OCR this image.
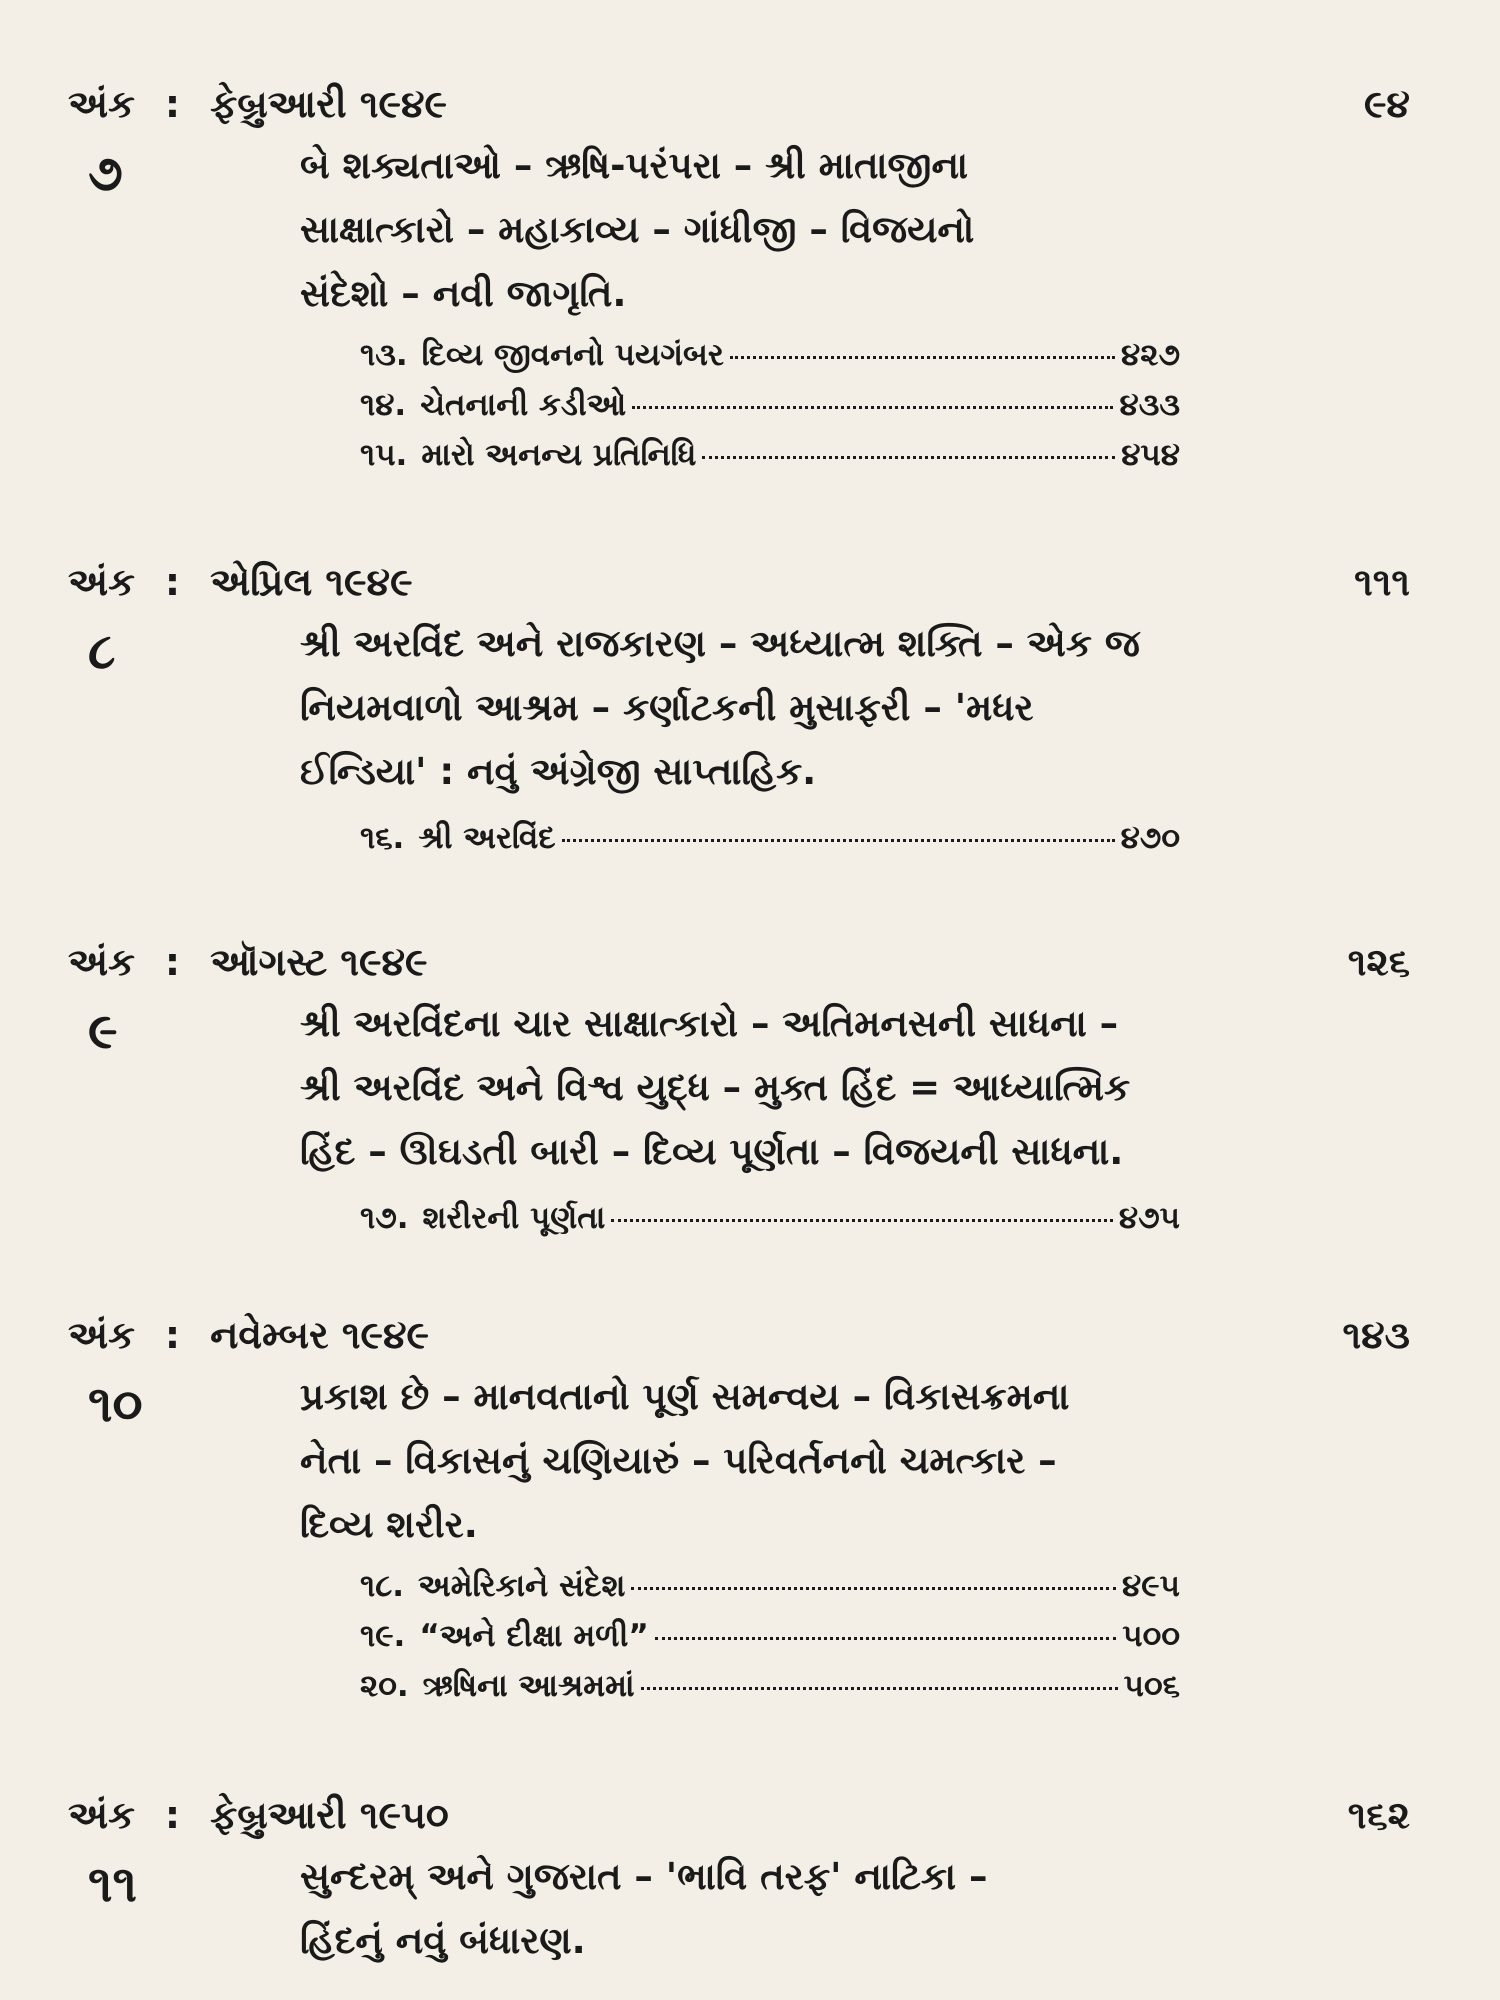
અંક : ફેબ્રુઆરી ૧૯૪૯	૯૪
૭	બે શક્યતાઓ – ઋષિ-પરંપરા – શ્રી માતાજીના
સાક્ષાત્કારો – મહાકાવ્ય – ગાંધીજી – વિજયનો
સંદેશો – નવી જાગૃતિ.
૧૩. દિવ્ય જીવનનો પયગંબર	૪૨૭
૧૪. ચેતનાની કડીઓ	૪૩૩
૧૫. મારો અનન્ય પ્રતિનિધિ	૪૫૪
અંક : એપ્રિલ ૧૯૪૯	૧૧૧
૮	શ્રી અરવિંદ અને રાજકારણ – અધ્યાત્મ શક્તિ – એક જ
નિયમવાળો આશ્રમ – કર્ણાટકની મુસાફરી – 'મધર
ઈન્ડિયા' : નવું અંગ્રેજી સાપ્તાહિક.
૧૬. શ્રી અરવિંદ	૪૭૦
અંક : ઑગસ્ટ ૧૯૪૯	૧૨૬
૯	શ્રી અરવિંદના ચાર સાક્ષાત્કારો – અતિમનસની સાધના –
શ્રી અરવિંદ અને વિશ્વ યુદ્ધ – મુક્ત હિંદ = આધ્યાત્મિક
હિંદ – ઊઘડતી બારી – દિવ્ય પૂર્ણતા – વિજયની સાધના.
૧૭. શરીરની પૂર્ણતા	૪૭૫
અંક : નવેમ્બર ૧૯૪૯	૧૪૩
૧૦	પ્રકાશ છે – માનવતાનો પૂર્ણ સમન્વય – વિકાસક્રમના
નેતા – વિકાસનું ચણિયારું – પરિવર્તનનો ચમત્કાર –
દિવ્ય શરીર.
૧૮. અમેરિકાને સંદેશ	૪૯૫
૧૯. “અને દીક્ષા મળી”	૫૦૦
૨૦. ઋષિના આશ્રમમાં	૫૦૬
અંક : ફેબ્રુઆરી ૧૯૫૦	૧૬૨
૧૧	સુન્દરમ્ અને ગુજરાત – 'ભાવિ તરફ' નાટિકા –
હિંદનું નવું બંધારણ.
